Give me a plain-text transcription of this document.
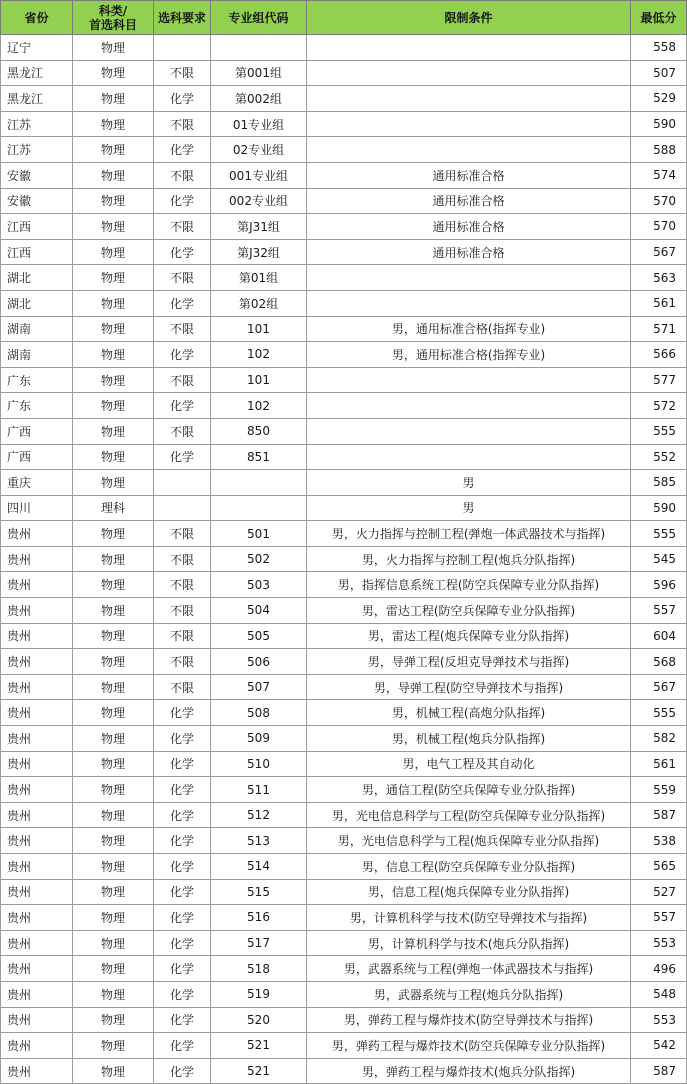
省份	科类/
首选科目	选科要求	专业组代码	限制条件	最低分
辽宁	物理				558
黑龙江	物理	不限	第001组		507
黑龙江	物理	化学	第002组		529
江苏	物理	不限	01专业组		590
江苏	物理	化学	02专业组		588
安徽	物理	不限	001专业组	通用标准合格	574
安徽	物理	化学	002专业组	通用标准合格	570
江西	物理	不限	第J31组	通用标准合格	570
江西	物理	化学	第J32组	通用标准合格	567
湖北	物理	不限	第01组		563
湖北	物理	化学	第02组		561
湖南	物理	不限	101	男，通用标准合格(指挥专业)	571
湖南	物理	化学	102	男，通用标准合格(指挥专业)	566
广东	物理	不限	101		577
广东	物理	化学	102		572
广西	物理	不限	850		555
广西	物理	化学	851		552
重庆	物理			男	585
四川	理科			男	590
贵州	物理	不限	501	男，火力指挥与控制工程(弹炮一体武器技术与指挥)	555
贵州	物理	不限	502	男，火力指挥与控制工程(炮兵分队指挥)	545
贵州	物理	不限	503	男，指挥信息系统工程(防空兵保障专业分队指挥)	596
贵州	物理	不限	504	男，雷达工程(防空兵保障专业分队指挥)	557
贵州	物理	不限	505	男，雷达工程(炮兵保障专业分队指挥)	604
贵州	物理	不限	506	男，导弹工程(反坦克导弹技术与指挥)	568
贵州	物理	不限	507	男，导弹工程(防空导弹技术与指挥)	567
贵州	物理	化学	508	男，机械工程(高炮分队指挥)	555
贵州	物理	化学	509	男，机械工程(炮兵分队指挥)	582
贵州	物理	化学	510	男，电气工程及其自动化	561
贵州	物理	化学	511	男，通信工程(防空兵保障专业分队指挥)	559
贵州	物理	化学	512	男，光电信息科学与工程(防空兵保障专业分队指挥)	587
贵州	物理	化学	513	男，光电信息科学与工程(炮兵保障专业分队指挥)	538
贵州	物理	化学	514	男，信息工程(防空兵保障专业分队指挥)	565
贵州	物理	化学	515	男，信息工程(炮兵保障专业分队指挥)	527
贵州	物理	化学	516	男，计算机科学与技术(防空导弹技术与指挥)	557
贵州	物理	化学	517	男，计算机科学与技术(炮兵分队指挥)	553
贵州	物理	化学	518	男，武器系统与工程(弹炮一体武器技术与指挥)	496
贵州	物理	化学	519	男，武器系统与工程(炮兵分队指挥)	548
贵州	物理	化学	520	男，弹药工程与爆炸技术(防空导弹技术与指挥)	553
贵州	物理	化学	521	男，弹药工程与爆炸技术(防空兵保障专业分队指挥)	542
贵州	物理	化学	521	男，弹药工程与爆炸技术(炮兵分队指挥)	587
